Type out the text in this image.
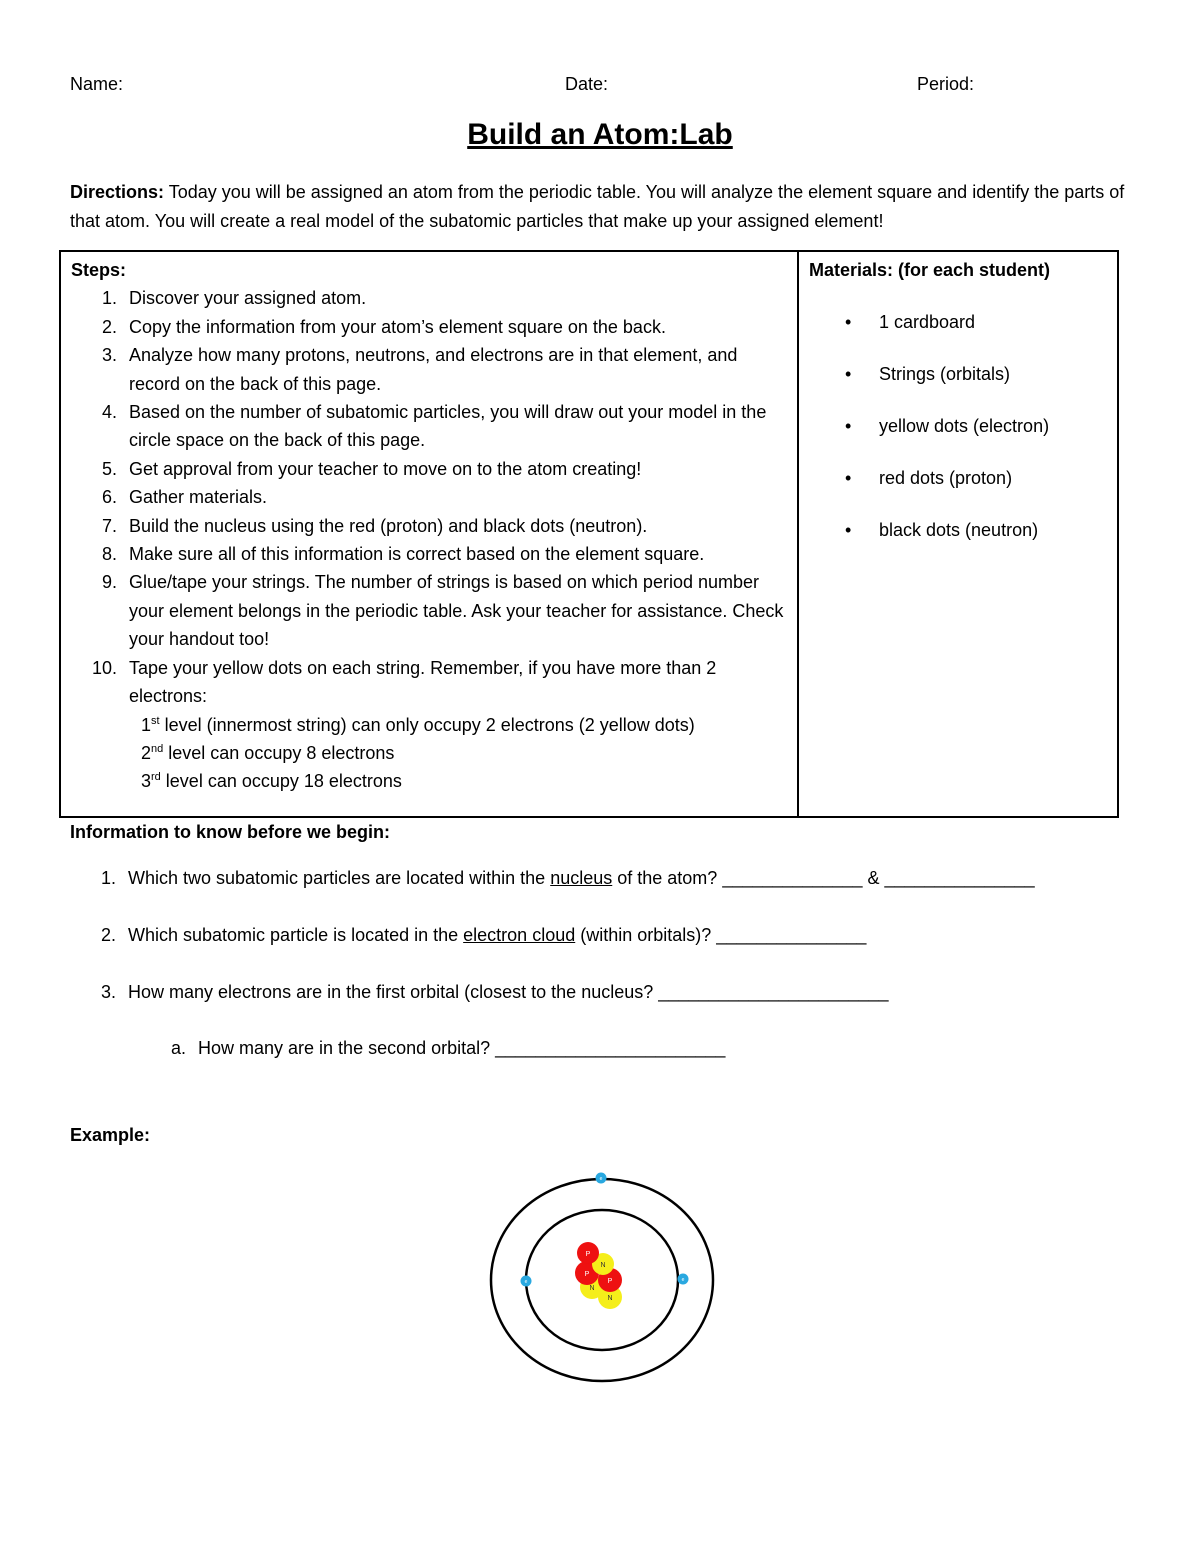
Name:	Date:	Period:
Build an Atom:Lab
Directions: Today you will be assigned an atom from the periodic table. You will analyze the element square and identify the parts of that atom. You will create a real model of the subatomic particles that make up your assigned element!
Steps:
1. Discover your assigned atom.
2. Copy the information from your atom’s element square on the back.
3. Analyze how many protons, neutrons, and electrons are in that element, and record on the back of this page.
4. Based on the number of subatomic particles, you will draw out your model in the circle space on the back of this page.
5. Get approval from your teacher to move on to the atom creating!
6. Gather materials.
7. Build the nucleus using the red (proton) and black dots (neutron).
8. Make sure all of this information is correct based on the element square.
9. Glue/tape your strings. The number of strings is based on which period number your element belongs in the periodic table. Ask your teacher for assistance. Check your handout too!
10. Tape your yellow dots on each string. Remember, if you have more than 2 electrons:
1st level (innermost string) can only occupy 2 electrons (2 yellow dots)
2nd level can occupy 8 electrons
3rd level can occupy 18 electrons

Materials: (for each student)
• 1 cardboard
• Strings (orbitals)
• yellow dots (electron)
• red dots (proton)
• black dots (neutron)
Information to know before we begin:
1. Which two subatomic particles are located within the nucleus of the atom? ______________ & _______________
2. Which subatomic particle is located in the electron cloud (within orbitals)? _______________
3. How many electrons are in the first orbital (closest to the nucleus? _______________________
a. How many are in the second orbital? _______________________
Example:
e
e	e
N
N
P
P
N
P
